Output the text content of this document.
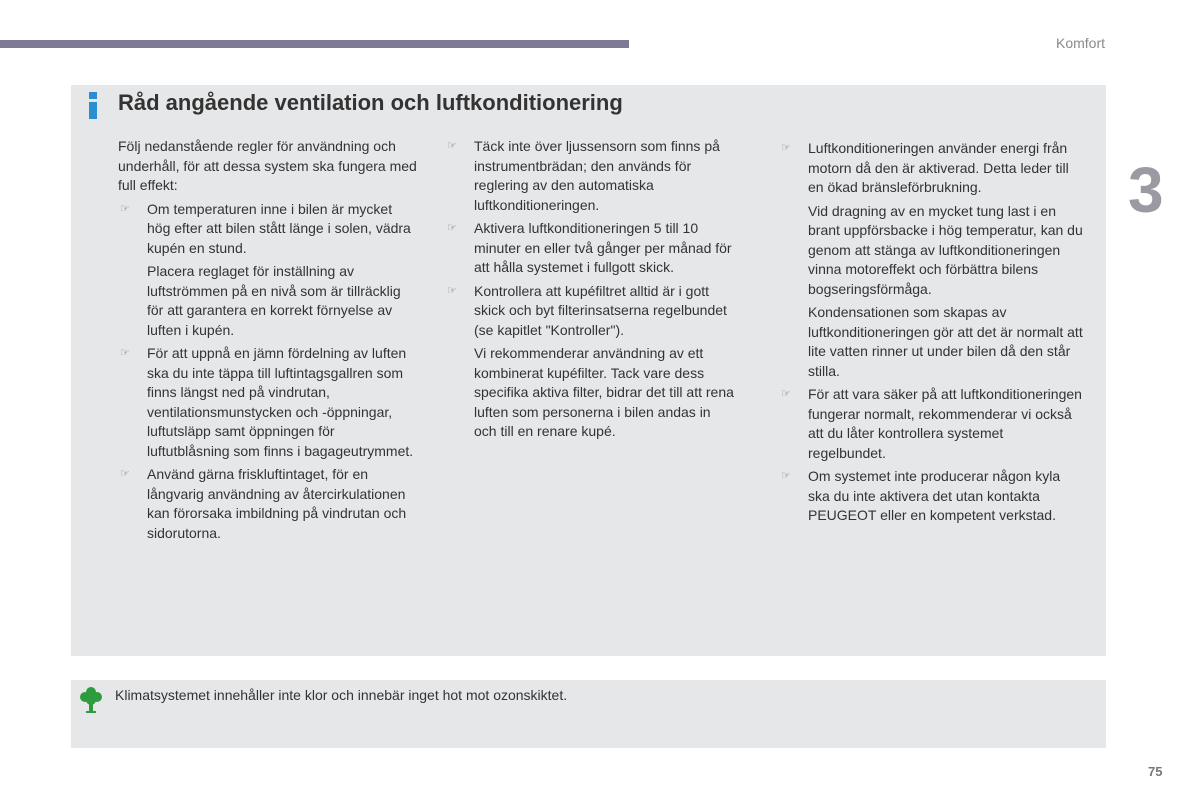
Komfort
3
Råd angående ventilation och luftkonditionering

Följ nedanstående regler för användning och underhåll, för att dessa system ska fungera med full effekt:

☞ Om temperaturen inne i bilen är mycket hög efter att bilen stått länge i solen, vädra kupén en stund.

Placera reglaget för inställning av luftströmmen på en nivå som är tillräcklig för att garantera en korrekt förnyelse av luften i kupén.

☞ För att uppnå en jämn fördelning av luften ska du inte täppa till luftintagsgallren som finns längst ned på vindrutan, ventilationsmunstycken och -öppningar, luftutsläpp samt öppningen för luftutblåsning som finns i bagageutrymmet.

☞ Använd gärna friskluftintaget, för en långvarig användning av återcirkulationen kan förorsaka imbildning på vindrutan och sidorutorna.

☞ Täck inte över ljussensorn som finns på instrumentbrädan; den används för reglering av den automatiska luftkonditioneringen.

☞ Aktivera luftkonditioneringen 5 till 10 minuter en eller två gånger per månad för att hålla systemet i fullgott skick.

☞ Kontrollera att kupéfiltret alltid är i gott skick och byt filterinsatserna regelbundet (se kapitlet "Kontroller").

Vi rekommenderar användning av ett kombinerat kupéfilter. Tack vare dess specifika aktiva filter, bidrar det till att rena luften som personerna i bilen andas in och till en renare kupé.

☞ Luftkonditioneringen använder energi från motorn då den är aktiverad. Detta leder till en ökad bränsleförbrukning.

Vid dragning av en mycket tung last i en brant uppförsbacke i hög temperatur, kan du genom att stänga av luftkonditioneringen vinna motoreffekt och förbättra bilens bogseringsförmåga.

Kondensationen som skapas av luftkonditioneringen gör att det är normalt att lite vatten rinner ut under bilen då den står stilla.

☞ För att vara säker på att luftkonditioneringen fungerar normalt, rekommenderar vi också att du låter kontrollera systemet regelbundet.

☞ Om systemet inte producerar någon kyla ska du inte aktivera det utan kontakta PEUGEOT eller en kompetent verkstad.

Klimatsystemet innehåller inte klor och innebär inget hot mot ozonskiktet.
75
